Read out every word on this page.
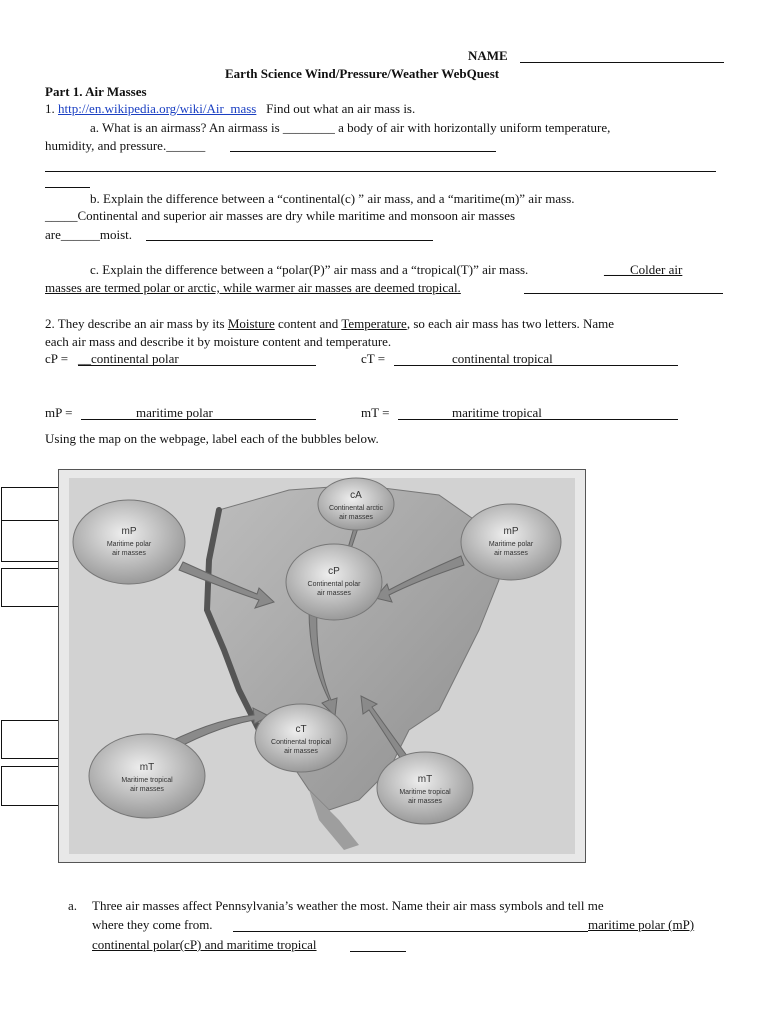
NAME
Earth Science Wind/Pressure/Weather WebQuest
Part 1. Air Masses
1. http://en.wikipedia.org/wiki/Air_mass Find out what an air mass is.
a. What is an airmass? An airmass is ________ a body of air with horizontally uniform temperature,
humidity, and pressure.______
b. Explain the difference between a “continental(c) ” air mass, and a “maritime(m)” air mass.
_____Continental and superior air masses are dry while maritime and monsoon air masses
are______moist.
c. Explain the difference between a “polar(P)” air mass and a “tropical(T)” air mass.	____Colder air
masses are termed polar or arctic, while warmer air masses are deemed tropical.
2. They describe an air mass by its Moisture content and Temperature, so each air mass has two letters. Name
each air mass and describe it by moisture content and temperature.
cP = __continental polar	cT =	continental tropical
mP =	maritime polar	mT =	maritime tropical
Using the map on the webpage, label each of the bubbles below.
cA
Continental arctic
air masses
mP
Maritime polar
air masses
mP
Maritime polar
air masses
cP
Continental polar
air masses
cT
Continental tropical
air masses
mT
Maritime tropical
air masses
mT
Maritime tropical
air masses
a. Three air masses affect Pennsylvania’s weather the most. Name their air mass symbols and tell me
where they come from.	maritime polar (mP)
continental polar(cP) and maritime tropical
